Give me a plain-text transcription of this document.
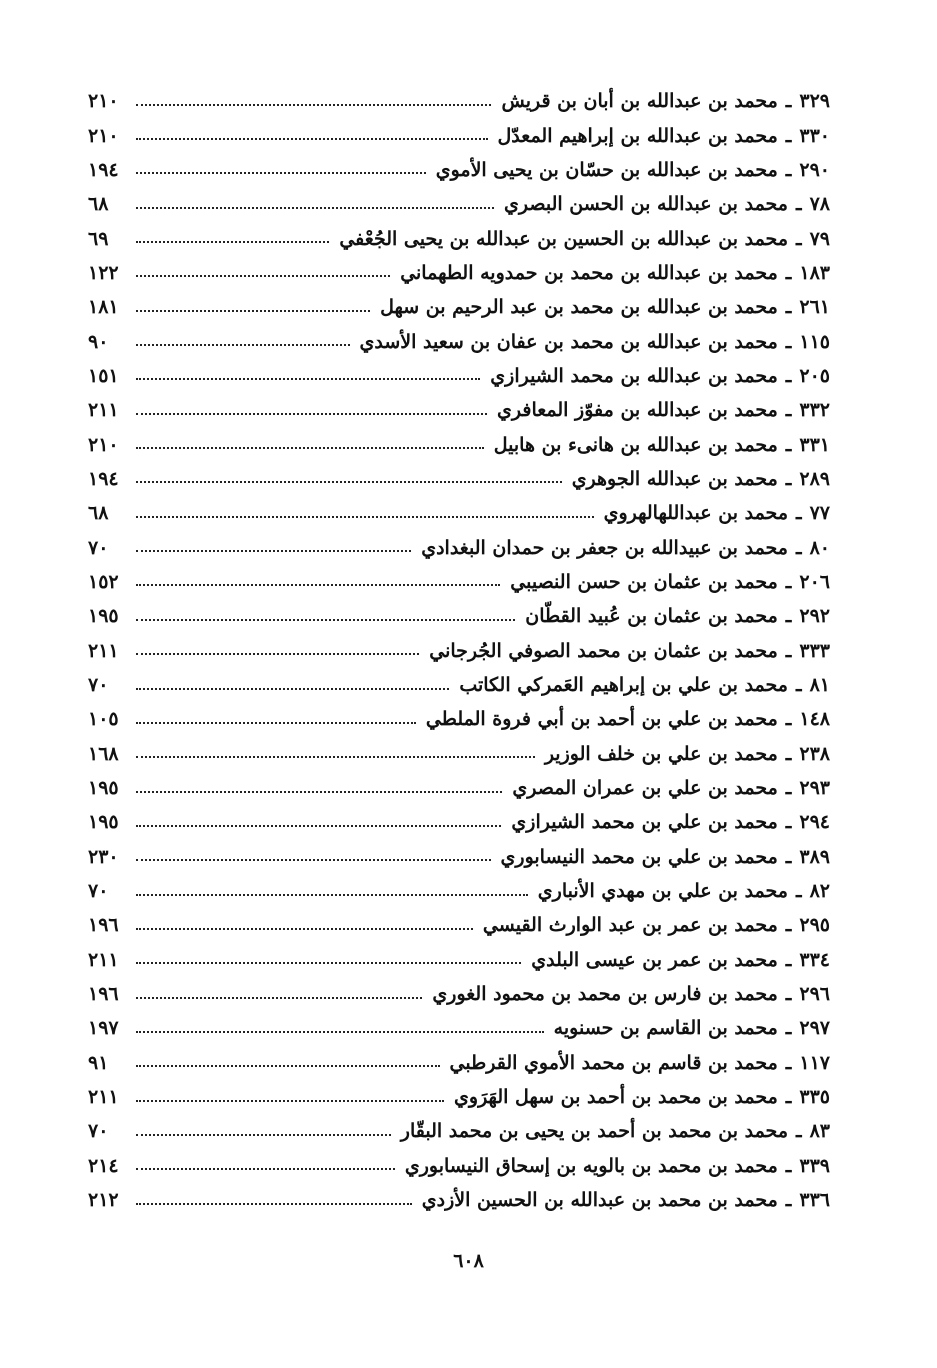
٣٢٩
ـ
محمد بن عبدالله بن أبان بن قريش
٢١٠
٣٣٠
ـ
محمد بن عبدالله بن إبراهيم المعدّل
٢١٠
٢٩٠
ـ
محمد بن عبدالله بن حسّان بن يحيى الأموي
١٩٤
٧٨
ـ
محمد بن عبدالله بن الحسن البصري
٦٨
٧٩
ـ
محمد بن عبدالله بن الحسين بن عبدالله بن يحيى الجُعْفي
٦٩
١٨٣
ـ
محمد بن عبدالله بن محمد بن حمدويه الطهماني
١٢٢
٢٦١
ـ
محمد بن عبدالله بن محمد بن عبد الرحيم بن سهل
١٨١
١١٥
ـ
محمد بن عبدالله بن محمد بن عفان بن سعيد الأسدي
٩٠
٢٠٥
ـ
محمد بن عبدالله بن محمد الشيرازي
١٥١
٣٣٢
ـ
محمد بن عبدالله بن مفوّز المعافري
٢١١
٣٣١
ـ
محمد بن عبدالله بن هانىء بن هابيل
٢١٠
٢٨٩
ـ
محمد بن عبدالله الجوهري
١٩٤
٧٧
ـ
محمد بن عبداللهالهروي
٦٨
٨٠
ـ
محمد بن عبيدالله بن جعفر بن حمدان البغدادي
٧٠
٢٠٦
ـ
محمد بن عثمان بن حسن النصيبي
١٥٢
٢٩٢
ـ
محمد بن عثمان بن عُبيد القطّان
١٩٥
٣٣٣
ـ
محمد بن عثمان بن محمد الصوفي الجُرجاني
٢١١
٨١
ـ
محمد بن علي بن إبراهيم العَمركي الكاتب
٧٠
١٤٨
ـ
محمد بن علي بن أحمد بن أبي فروة الملطي
١٠٥
٢٣٨
ـ
محمد بن علي بن خلف الوزير
١٦٨
٢٩٣
ـ
محمد بن علي بن عمران المصري
١٩٥
٢٩٤
ـ
محمد بن علي بن محمد الشيرازي
١٩٥
٣٨٩
ـ
محمد بن علي بن محمد النيسابوري
٢٣٠
٨٢
ـ
محمد بن علي بن مهدي الأنباري
٧٠
٢٩٥
ـ
محمد بن عمر بن عبد الوارث القيسي
١٩٦
٣٣٤
ـ
محمد بن عمر بن عيسى البلدي
٢١١
٢٩٦
ـ
محمد بن فارس بن محمد بن محمود الغوري
١٩٦
٢٩٧
ـ
محمد بن القاسم بن حسنويه
١٩٧
١١٧
ـ
محمد بن قاسم بن محمد الأموي القرطبي
٩١
٣٣٥
ـ
محمد بن محمد بن أحمد بن سهل الهَرَوي
٢١١
٨٣
ـ
محمد بن محمد بن أحمد بن يحيى بن محمد البقّار
٧٠
٣٣٩
ـ
محمد بن محمد بن بالويه بن إسحاق النيسابوري
٢١٤
٣٣٦
ـ
محمد بن محمد بن عبدالله بن الحسين الأزدي
٢١٢
٦٠٨
